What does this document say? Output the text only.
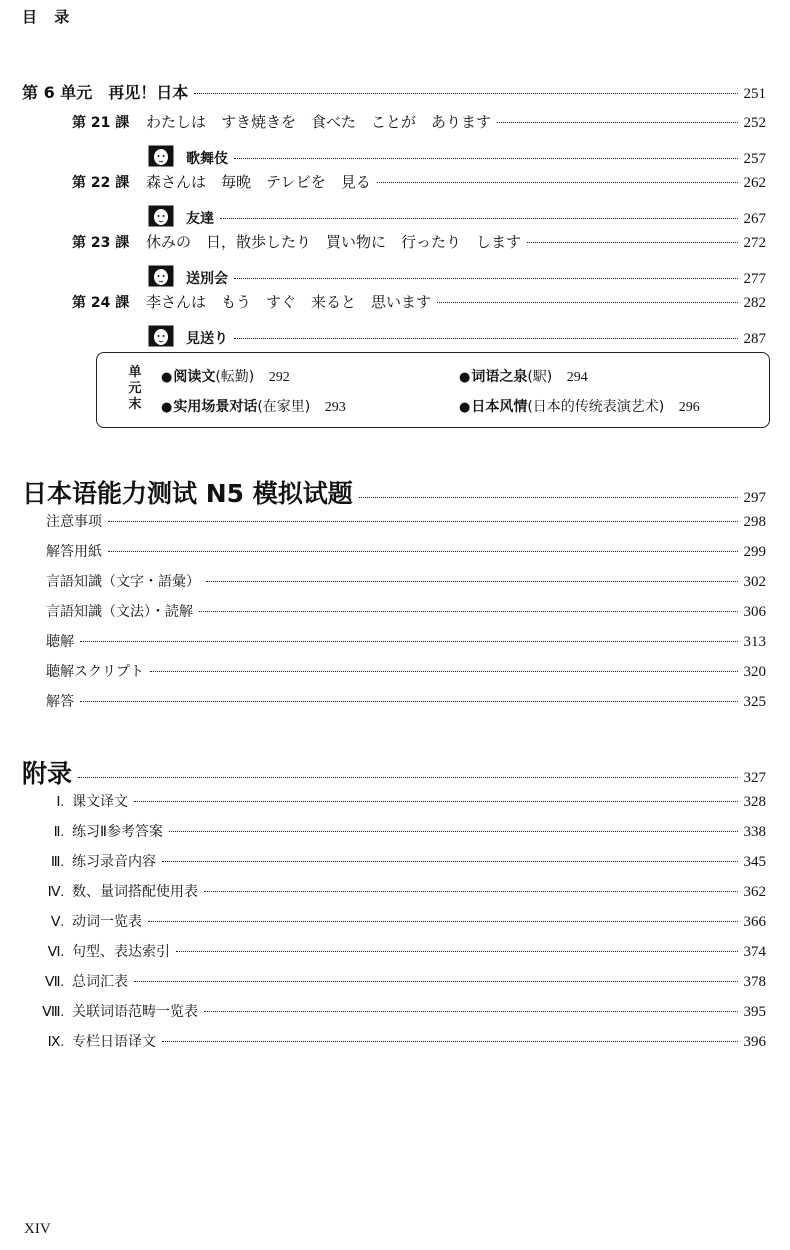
目 录
第 6 单元　再见！日本	251
第 21 課	わたしは　すき焼きを　食べた　ことが　あります	252
歌舞伎	257
第 22 課	森さんは　毎晩　テレビを　見る	262
友達	267
第 23 課	休みの　日，散歩したり　買い物に　行ったり　します	272
送別会	277
第 24 課	李さんは　もう　すぐ　来ると　思います	282
見送り	287
单
元
末
●阅读文(転勤) 292	●词语之泉(駅) 294
●实用场景对话(在家里) 293	●日本风情(日本的传统表演艺术) 296
日本语能力测试 N5 模拟试题	297
注意事项	298
解答用紙	299
言語知識（文字・語彙）	302
言語知識（文法）・読解	306
聴解	313
聴解スクリプト	320
解答	325
附录	327
Ⅰ. 课文译文	328
Ⅱ. 练习Ⅱ参考答案	338
Ⅲ. 练习录音内容	345
Ⅳ. 数、量词搭配使用表	362
Ⅴ. 动词一览表	366
Ⅵ. 句型、表达索引	374
Ⅶ. 总词汇表	378
Ⅷ. 关联词语范畴一览表	395
Ⅸ. 专栏日语译文	396
XIV
